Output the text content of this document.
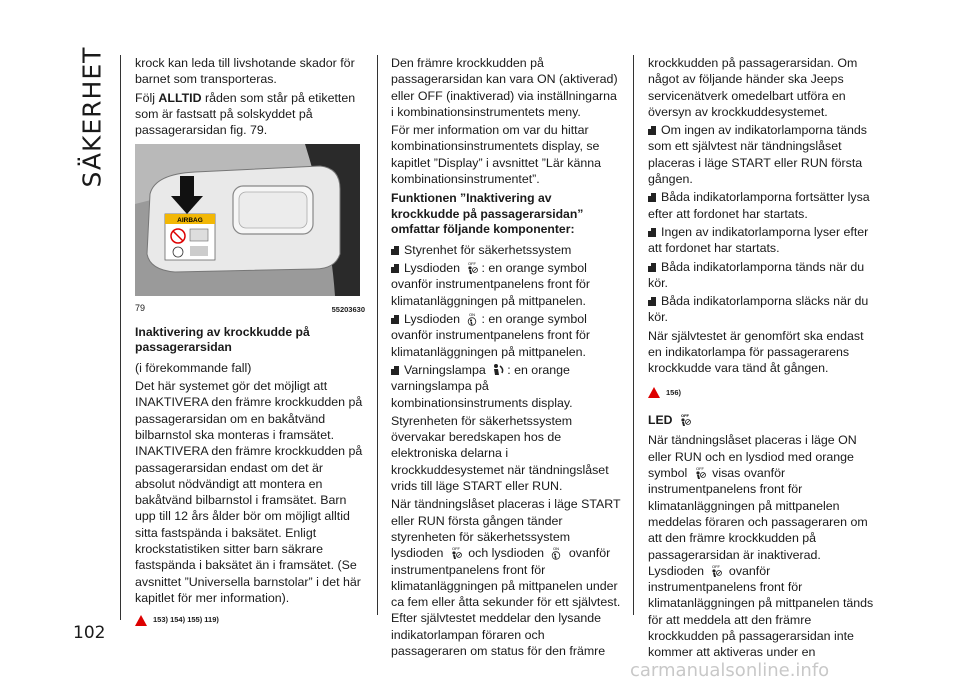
SÄKERHET krock kan leda till livshotande skador för barnet som transporteras.

Följ ALLTID råden som står på etiketten som är fastsatt på solskyddet på passagerarsidan fig. 79.

AIRBAG
79	55203630
Inaktivering av krockkudde på passagerarsidan

(i förekommande fall)

Det här systemet gör det möjligt att INAKTIVERA den främre krockkudden på passagerarsidan om en bakåtvänd bilbarnstol ska monteras i framsätet. INAKTIVERA den främre krockkudden på passagerarsidan endast om det är absolut nödvändigt att montera en bakåtvänd bilbarnstol i framsätet. Barn upp till 12 års ålder bör om möjligt alltid sitta fastspända i baksätet. Enligt krockstatistiken sitter barn säkrare fastspända i baksätet än i framsätet. (Se avsnittet ”Universella barnstolar” i det här kapitlet för mer information).

153) 154) 155) 119)

Den främre krockkudden på passagerarsidan kan vara ON (aktiverad) eller OFF (inaktiverad) via inställningarna i kombinationsinstrumentets meny.

För mer information om var du hittar kombinationsinstrumentets display, se kapitlet ”Display” i avsnittet ”Lär känna kombinationsinstrumentet”.

Funktionen ”Inaktivering av krockkudde på passagerarsidan” omfattar följande komponenter:

Styrenhet för säkerhetssystem

Lysdioden OFF : en orange symbol ovanför instrumentpanelens front för klimatanläggningen på mittpanelen.

Lysdioden ON : en orange symbol ovanför instrumentpanelens front för klimatanläggningen på mittpanelen.

Varningslampa : en orange varningslampa på kombinationsinstruments display.

Styrenheten för säkerhetssystem övervakar beredskapen hos de elektroniska delarna i krockkuddesystemet när tändningslåset vrids till läge START eller RUN.

När tändningslåset placeras i läge START eller RUN första gången tänder styrenheten för säkerhetssystem lysdioden OFF och lysdioden ON ovanför instrumentpanelens front för klimatanläggningen på mittpanelen under ca fem eller åtta sekunder för ett självtest. Efter självtestet meddelar den lysande indikatorlampan föraren och passageraren om status för den främre

krockkudden på passagerarsidan. Om något av följande händer ska Jeeps servicenätverk omedelbart utföra en översyn av krockkuddesystemet.

Om ingen av indikatorlamporna tänds som ett självtest när tändningslåset placeras i läge START eller RUN första gången.

Båda indikatorlamporna fortsätter lysa efter att fordonet har startats.

Ingen av indikatorlamporna lyser efter att fordonet har startats.

Båda indikatorlamporna tänds när du kör.

Båda indikatorlamporna släcks när du kör.

När självtestet är genomfört ska endast en indikatorlampa för passagerarens krockkudde vara tänd åt gången.

156)
LED OFF

När tändningslåset placeras i läge ON eller RUN och en lysdiod med orange symbol OFF visas ovanför instrumentpanelens front för klimatanläggningen på mittpanelen meddelas föraren och passageraren om att den främre krockkudden på passagerarsidan är inaktiverad. Lysdioden OFF ovanför instrumentpanelens front för klimatanläggningen på mittpanelen tänds för att meddela att den främre krockkudden på passagerarsidan inte kommer att aktiveras under en

102
carmanualsonline.info
